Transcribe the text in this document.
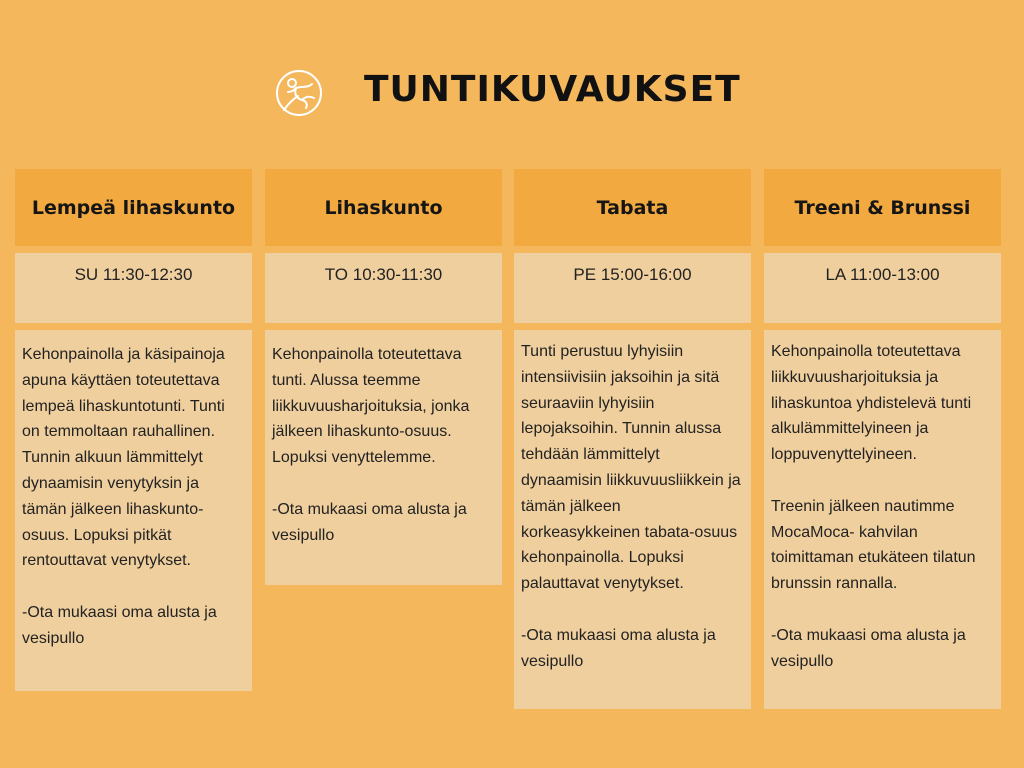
TUNTIKUVAUKSET
Lempeä lihaskunto
SU 11:30-12:30

Kehonpainolla ja käsipainoja apuna käyttäen toteutettava lempeä lihaskuntotunti. Tunti on temmoltaan rauhallinen. Tunnin alkuun lämmittelyt dynaamisin venytyksin ja tämän jälkeen lihaskunto-osuus. Lopuksi pitkät rentouttavat venytykset.

-Ota mukaasi oma alusta ja vesipullo

Lihaskunto
TO 10:30-11:30

Kehonpainolla toteutettava tunti. Alussa teemme liikkuvuusharjoituksia, jonka jälkeen lihaskunto-osuus. Lopuksi venyttelemme.

-Ota mukaasi oma alusta ja vesipullo

Tabata
PE 15:00-16:00

Tunti perustuu lyhyisiin intensiivisiin jaksoihin ja sitä seuraaviin lyhyisiin lepojaksoihin. Tunnin alussa tehdään lämmittelyt dynaamisin liikkuvuusliikkein ja tämän jälkeen korkeasykkeinen tabata-osuus kehonpainolla. Lopuksi palauttavat venytykset.

-Ota mukaasi oma alusta ja vesipullo

Treeni & Brunssi
LA 11:00-13:00

Kehonpainolla toteutettava liikkuvuusharjoituksia ja lihaskuntoa yhdistelevä tunti alkulämmittelyineen ja loppuvenyttelyineen.

Treenin jälkeen nautimme MocaMoca- kahvilan toimittaman etukäteen tilatun brunssin rannalla.

-Ota mukaasi oma alusta ja vesipullo
